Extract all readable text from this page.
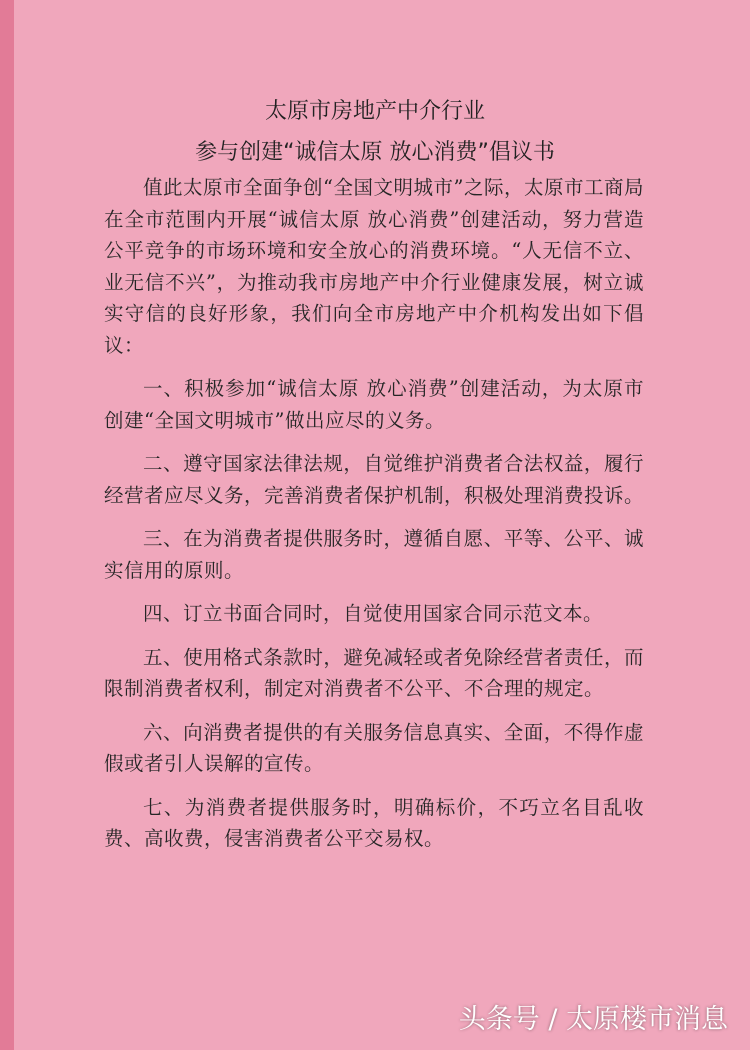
太原市房地产中介行业
参与创建“诚信太原 放心消费”倡议书

值此太原市全面争创“全国文明城市”之际，太原市工商局在全市范围内开展“诚信太原 放心消费”创建活动，努力营造公平竞争的市场环境和安全放心的消费环境。“人无信不立、业无信不兴”，为推动我市房地产中介行业健康发展，树立诚实守信的良好形象，我们向全市房地产中介机构发出如下倡议：

一、积极参加“诚信太原 放心消费”创建活动，为太原市创建“全国文明城市”做出应尽的义务。

二、遵守国家法律法规，自觉维护消费者合法权益，履行经营者应尽义务，完善消费者保护机制，积极处理消费投诉。

三、在为消费者提供服务时，遵循自愿、平等、公平、诚实信用的原则。

四、订立书面合同时，自觉使用国家合同示范文本。

五、使用格式条款时，避免减轻或者免除经营者责任，而限制消费者权利，制定对消费者不公平、不合理的规定。

六、向消费者提供的有关服务信息真实、全面，不得作虚假或者引人误解的宣传。

七、为消费者提供服务时，明确标价，不巧立名目乱收费、高收费，侵害消费者公平交易权。

头条号 / 太原楼市消息
